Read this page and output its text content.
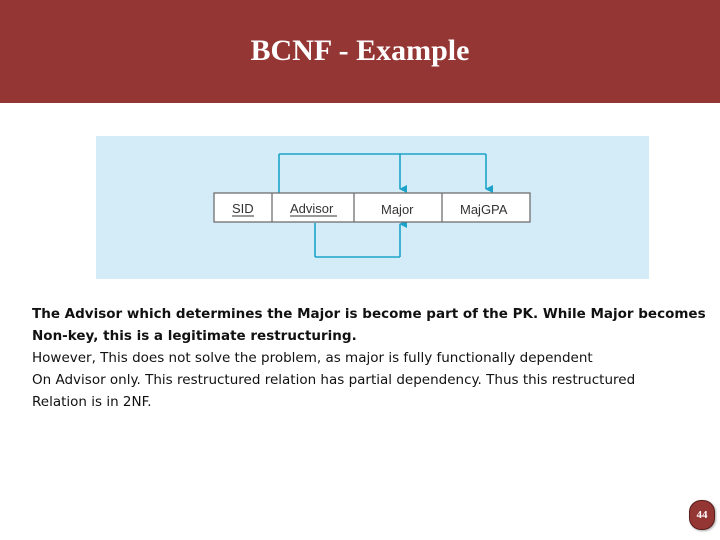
BCNF - Example
SID	Advisor	Major	MajGPA

The Advisor which determines the Major is become part of the PK. While Major becomes

Non-key, this is a legitimate restructuring.

However, This does not solve the problem, as major is fully functionally dependent

On Advisor only. This restructured relation has partial dependency. Thus this restructured

Relation is in 2NF.

44
